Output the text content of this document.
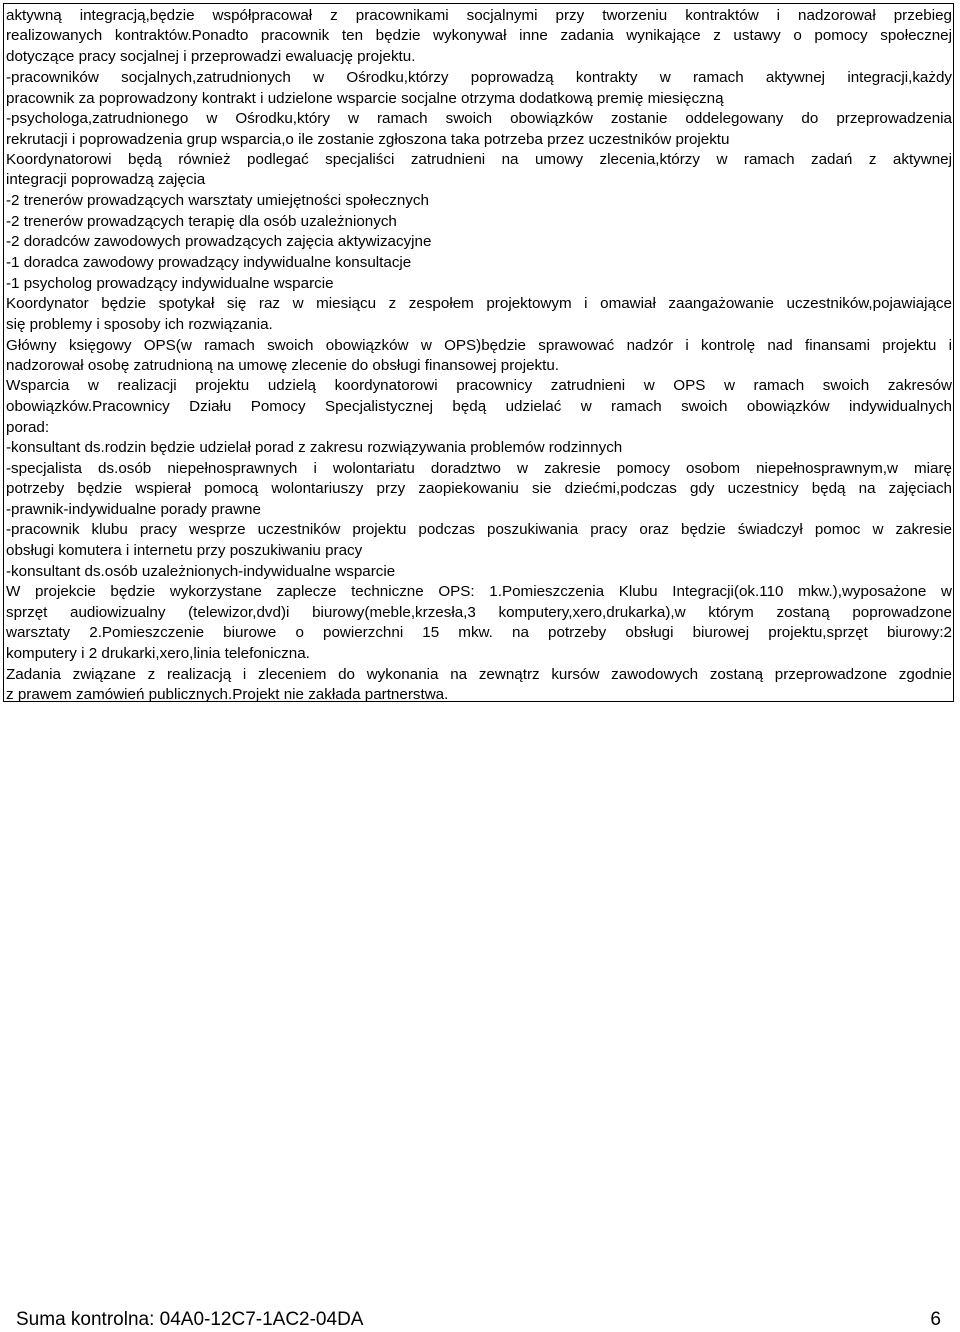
aktywną integracją,będzie współpracował z pracownikami socjalnymi przy tworzeniu kontraktów i nadzorował przebieg
realizowanych kontraktów.Ponadto pracownik ten będzie wykonywał inne zadania wynikające z ustawy o pomocy społecznej
dotyczące pracy socjalnej i przeprowadzi ewaluację projektu.
-pracowników socjalnych,zatrudnionych w Ośrodku,którzy poprowadzą kontrakty w ramach aktywnej integracji,każdy
pracownik za poprowadzony kontrakt i udzielone wsparcie socjalne otrzyma dodatkową premię miesięczną
-psychologa,zatrudnionego w Ośrodku,który w ramach swoich obowiązków zostanie oddelegowany do przeprowadzenia
rekrutacji i poprowadzenia grup wsparcia,o ile zostanie zgłoszona taka potrzeba przez uczestników projektu
Koordynatorowi będą również podlegać specjaliści zatrudnieni na umowy zlecenia,którzy w ramach zadań z aktywnej
integracji poprowadzą zajęcia
-2 trenerów prowadzących warsztaty umiejętności społecznych
-2 trenerów prowadzących terapię dla osób uzależnionych
-2 doradców zawodowych prowadzących zajęcia aktywizacyjne
-1 doradca zawodowy prowadzący indywidualne konsultacje
-1 psycholog prowadzący indywidualne wsparcie
Koordynator będzie spotykał się raz w miesiącu z zespołem projektowym i omawiał zaangażowanie uczestników,pojawiające
się problemy i sposoby ich rozwiązania.
Główny księgowy OPS(w ramach swoich obowiązków w OPS)będzie sprawować nadzór i kontrolę nad finansami projektu i
nadzorował osobę zatrudnioną na umowę zlecenie do obsługi finansowej projektu.
Wsparcia w realizacji projektu udzielą koordynatorowi pracownicy zatrudnieni w OPS w ramach swoich zakresów
obowiązków.Pracownicy Działu Pomocy Specjalistycznej będą udzielać w ramach swoich obowiązków indywidualnych
porad:
-konsultant ds.rodzin będzie udzielał porad z zakresu rozwiązywania problemów rodzinnych
-specjalista ds.osób niepełnosprawnych i wolontariatu doradztwo w zakresie pomocy osobom niepełnosprawnym,w miarę
potrzeby będzie wspierał pomocą wolontariuszy przy zaopiekowaniu sie dziećmi,podczas gdy uczestnicy będą na zajęciach
-prawnik-indywidualne porady prawne
-pracownik klubu pracy wesprze uczestników projektu podczas poszukiwania pracy oraz będzie świadczył pomoc w zakresie
obsługi komutera i internetu przy poszukiwaniu pracy
-konsultant ds.osób uzależnionych-indywidualne wsparcie
W projekcie będzie wykorzystane zaplecze techniczne OPS: 1.Pomieszczenia Klubu Integracji(ok.110 mkw.),wyposażone w
sprzęt audiowizualny (telewizor,dvd)i biurowy(meble,krzesła,3 komputery,xero,drukarka),w którym zostaną poprowadzone
warsztaty 2.Pomieszczenie biurowe o powierzchni 15 mkw. na potrzeby obsługi biurowej projektu,sprzęt biurowy:2
komputery i 2 drukarki,xero,linia telefoniczna.
Zadania związane z realizacją i zleceniem do wykonania na zewnątrz kursów zawodowych zostaną przeprowadzone zgodnie
z prawem zamówień publicznych.Projekt nie zakłada partnerstwa.
Suma kontrolna: 04A0-12C7-1AC2-04DA	6
